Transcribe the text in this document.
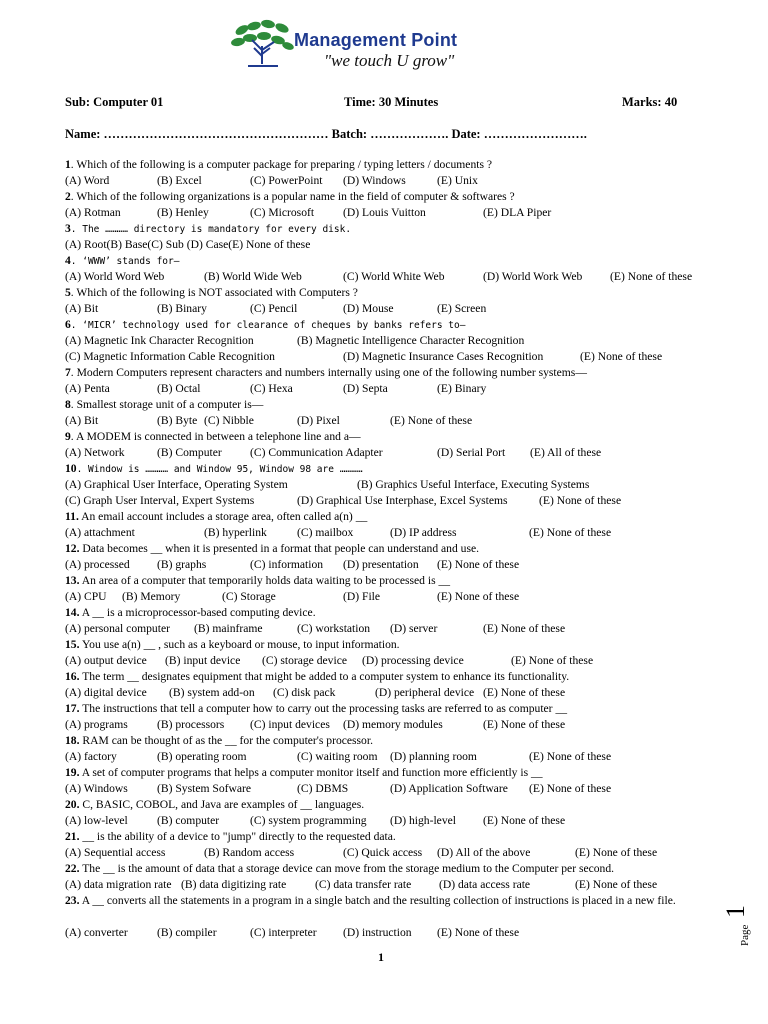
Management Point
"we touch U grow"
Sub: Computer 01	Time: 30 Minutes	Marks: 40
Name: ……………………………………………… Batch: ………………. Date: …………………….
1. Which of the following is a computer package for preparing / typing letters / documents ?
(A) Word	(B) Excel	(C) PowerPoint (D) Windows	(E) Unix
2. Which of the following organizations is a popular name in the field of computer & softwares ?
(A) Rotman	(B) Henley	(C) Microsoft (D) Louis Vuitton	(E) DLA Piper
3. The ………… directory is mandatory for every disk.
(A) Root(B) Base(C) Sub (D) Case(E) None of these
4. ‘WWW’ stands for—
(A) World Word Web	(B) World Wide Web	(C) World White Web	(D) World Work Web (E) None of these
5. Which of the following is NOT associated with Computers ?
(A) Bit	(B) Binary	(C) Pencil	(D) Mouse	(E) Screen
6. ‘MICR’ technology used for clearance of cheques by banks refers to—
(A) Magnetic Ink Character Recognition	(B) Magnetic Intelligence Character Recognition
(C) Magnetic Information Cable Recognition	(D) Magnetic Insurance Cases Recognition	(E) None of these
7. Modern Computers represent characters and numbers internally using one of the following number systems—
(A) Penta	(B) Octal	(C) Hexa	(D) Septa	(E) Binary
8. Smallest storage unit of a computer is—
(A) Bit	(B) Byte (C) Nibble	(D) Pixel	(E) None of these
9. A MODEM is connected in between a telephone line and a—
(A) Network	(B) Computer (C) Communication Adapter	(D) Serial Port (E) All of these
10. Window is ………… and Window 95, Window 98 are …………
(A) Graphical User Interface, Operating System	(B) Graphics Useful Interface, Executing Systems
(C) Graph User Interval, Expert Systems	(D) Graphical Use Interphase, Excel Systems	(E) None of these
11. An email account includes a storage area, often called a(n) __
(A) attachment	(B) hyperlink	(C) mailbox	(D) IP address	(E) None of these
12. Data becomes __ when it is presented in a format that people can understand and use.
(A) processed (B) graphs	(C) information (D) presentation (E) None of these
13. An area of a computer that temporarily holds data waiting to be processed is __
(A) CPU (B) Memory	(C) Storage	(D) File	(E) None of these
14. A __ is a microprocessor-based computing device.
(A) personal computer (B) mainframe	(C) workstation (D) server	(E) None of these
15. You use a(n) __ , such as a keyboard or mouse, to input information.
(A) output device (B) input device (C) storage device (D) processing device	(E) None of these
16. The term __ designates equipment that might be added to a computer system to enhance its functionality.
(A) digital device (B) system add-on (C) disk pack	(D) peripheral device (E) None of these
17. The instructions that tell a computer how to carry out the processing tasks are referred to as computer __
(A) programs	(B) processors (C) input devices (D) memory modules	(E) None of these
18. RAM can be thought of as the __ for the computer's processor.
(A) factory	(B) operating room	(C) waiting room (D) planning room	(E) None of these
19. A set of computer programs that helps a computer monitor itself and function more efficiently is __
(A) Windows	(B) System Sofware	(C) DBMS	(D) Application Software (E) None of these
20. C, BASIC, COBOL, and Java are examples of __ languages.
(A) low-level	(B) computer	(C) system programming (D) high-level (E) None of these
21. __ is the ability of a device to "jump" directly to the requested data.
(A) Sequential access	(B) Random access	(C) Quick access (D) All of the above	(E) None of these
22. The __ is the amount of data that a storage device can move from the storage medium to the Computer per second.
(A) data migration rate (B) data digitizing rate (C) data transfer rate (D) data access rate	(E) None of these
23. A __ converts all the statements in a program in a single batch and the resulting collection of instructions is placed in a new file.
(A) converter	(B) compiler	(C) interpreter (D) instruction (E) None of these
1
Page
1
